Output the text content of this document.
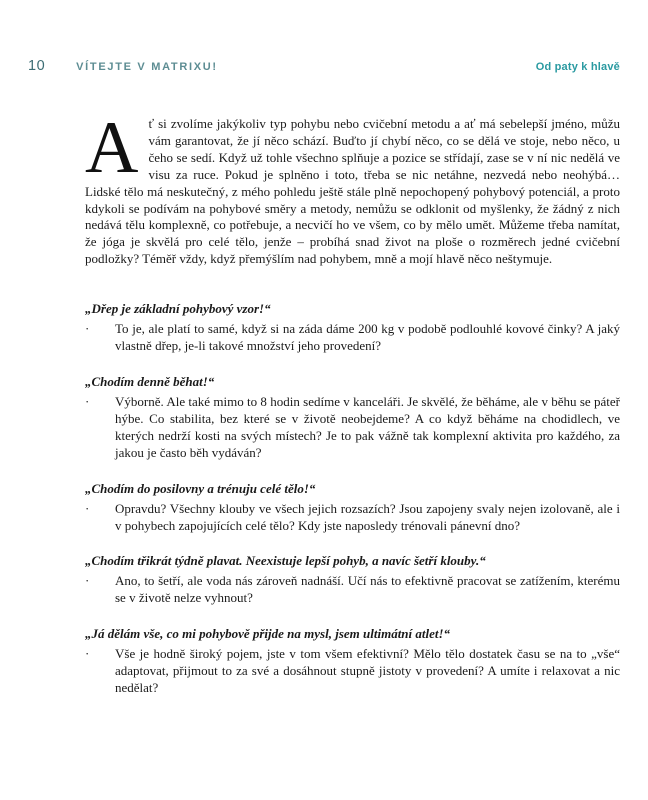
10	VÍTEJTE V MATRIXU!	Od paty k hlavě

Ať si zvolíme jakýkoliv typ pohybu nebo cvičební metodu a ať má sebelepší jméno, můžu vám garantovat, že jí něco schází. Buďto jí chybí něco, co se dělá ve stoje, nebo něco, u čeho se sedí. Když už tohle všechno splňuje a pozice se střídají, zase se v ní nic nedělá ve visu za ruce. Pokud je splněno i toto, třeba se nic netáhne, nezvedá nebo neohýbá… Lidské tělo má neskutečný, z mého pohledu ještě stále plně nepochopený pohybový potenciál, a proto kdykoli se podívám na pohybové směry a metody, nemůžu se odklonit od myšlenky, že žádný z nich nedává tělu komplexně, co potřebuje, a necvičí ho ve všem, co by mělo umět. Můžeme třeba namítat, že jóga je skvělá pro celé tělo, jenže – probíhá snad život na ploše o rozměrech jedné cvičební podložky? Téměř vždy, když přemýšlím nad pohybem, mně a mojí hlavě něco neštymuje.

„Dřep je základní pohybový vzor!“
·	To je, ale platí to samé, když si na záda dáme 200 kg v podobě podlouhlé kovové činky? A jaký vlastně dřep, je-li takové množství jeho provedení?

„Chodím denně běhat!“
·	Výborně. Ale také mimo to 8 hodin sedíme v kanceláři. Je skvělé, že běháme, ale v běhu se páteř hýbe. Co stabilita, bez které se v životě neobejdeme? A co když běháme na chodidlech, ve kterých nedrží kosti na svých místech? Je to pak vážně tak komplexní aktivita pro každého, za jakou je často běh vydáván?

„Chodím do posilovny a trénuju celé tělo!“
·	Opravdu? Všechny klouby ve všech jejich rozsazích? Jsou zapojeny svaly nejen izolovaně, ale i v pohybech zapojujících celé tělo? Kdy jste naposledy trénovali pánevní dno?

„Chodím třikrát týdně plavat. Neexistuje lepší pohyb, a navíc šetří klouby.“
·	Ano, to šetří, ale voda nás zároveň nadnáší. Učí nás to efektivně pracovat se zatížením, kterému se v životě nelze vyhnout?

„Já dělám vše, co mi pohybově přijde na mysl, jsem ultimátní atlet!“
·	Vše je hodně široký pojem, jste v tom všem efektivní? Mělo tělo dostatek času se na to „vše“ adaptovat, přijmout to za své a dosáhnout stupně jistoty v provedení? A umíte i relaxovat a nic nedělat?
